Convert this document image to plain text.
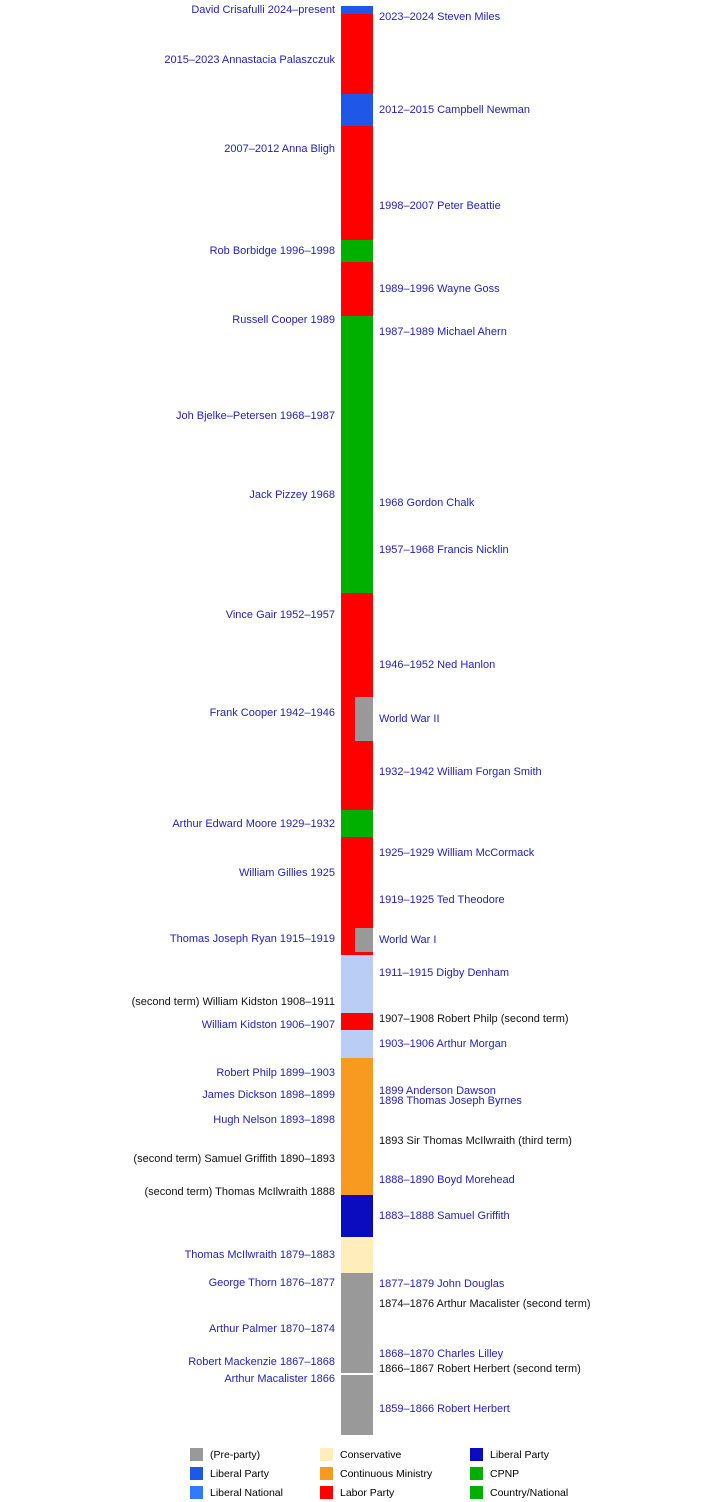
2023–2024 Steven Miles
David Crisafulli 2024–present
2015–2023 Annastacia Palaszczuk
2012–2015 Campbell Newman
2007–2012 Anna Bligh
1998–2007 Peter Beattie
Rob Borbidge 1996–1998
1989–1996 Wayne Goss
Russell Cooper 1989
1987–1989 Michael Ahern
Joh Bjelke–Petersen 1968–1987
Jack Pizzey 1968
1968 Gordon Chalk
1957–1968 Francis Nicklin
Vince Gair 1952–1957
1946–1952 Ned Hanlon
Frank Cooper 1942–1946
1932–1942 William Forgan Smith
Arthur Edward Moore 1929–1932
1925–1929 William McCormack
William Gillies 1925
1919–1925 Ted Theodore
Thomas Joseph Ryan 1915–1919
1911–1915 Digby Denham
(second term) William Kidston 1908–1911
1907–1908 Robert Philp (second term)
William Kidston 1906–1907
1903–1906 Arthur Morgan
Robert Philp 1899–1903
1899 Anderson Dawson
James Dickson 1898–1899	1898 Thomas Joseph Byrnes
Hugh Nelson 1893–1898
1893 Sir Thomas McIlwraith (third term)
(second term) Samuel Griffith 1890–1893
1888–1890 Boyd Morehead
(second term) Thomas McIlwraith 1888
1883–1888 Samuel Griffith
Thomas McIlwraith 1879–1883
1877–1879 John Douglas
George Thorn 1876–1877
1874–1876 Arthur Macalister (second term)
Arthur Palmer 1870–1874
1868–1870 Charles Lilley
Robert Mackenzie 1867–1868
1866–1867 Robert Herbert (second term)
Arthur Macalister 1866
1859–1866 Robert Herbert
World War II
World War I
(Pre-party)
Liberal Party
Liberal National
Conservative
Continuous Ministry
Labor Party
Liberal Party
CPNP
Country/National
